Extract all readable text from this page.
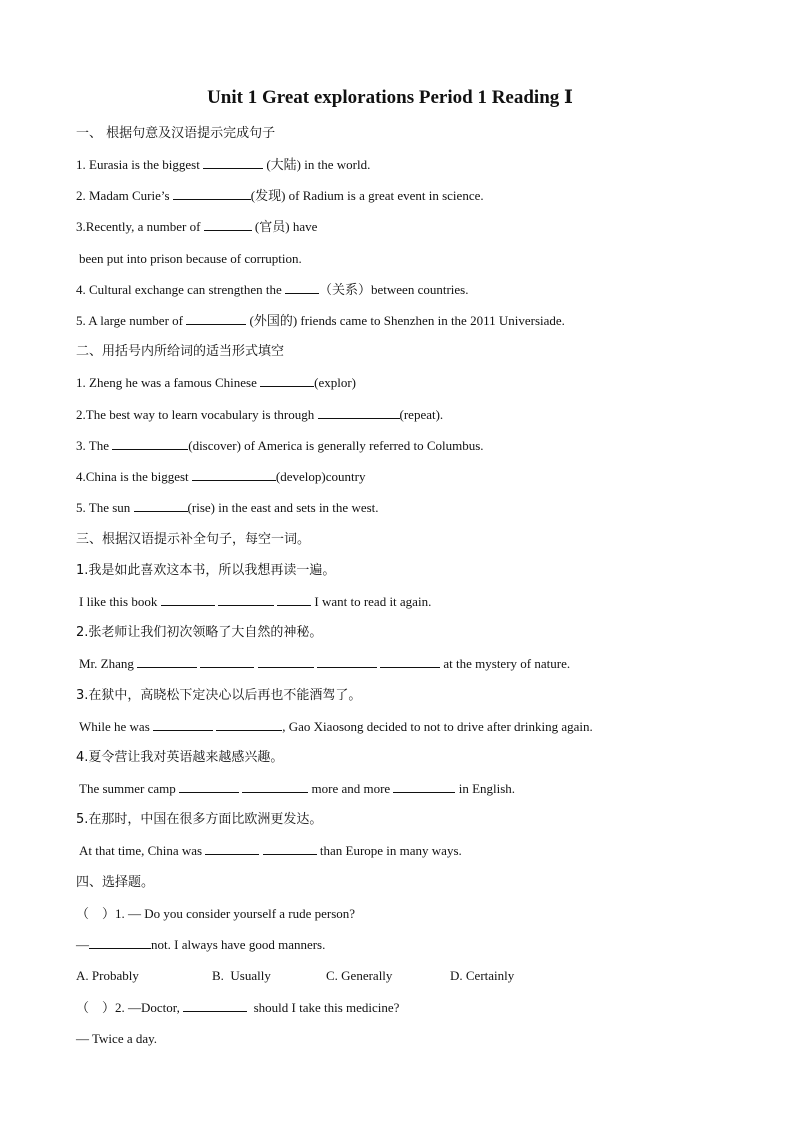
Unit 1 Great explorations Period 1 Reading Ⅰ
一、 根据句意及汉语提示完成句子
1. Eurasia is the biggest	(大陆) in the world.
2. Madam Curie’s	(发现) of Radium is a great event in science.
3.Recently, a number of	(官员) have
been put into prison because of corruption.
4. Cultural exchange can strengthen the	（关系）between countries.
5. A large number of	(外国的) friends came to Shenzhen in the 2011 Universiade.
二、用括号内所给词的适当形式填空
1. Zheng he was a famous Chinese	(explor)
2.The best way to learn vocabulary is through	(repeat).
3. The	(discover) of America is generally referred to Columbus.
4.China is the biggest	(develop)country
5. The sun	(rise) in the east and sets in the west.
三、根据汉语提示补全句子，每空一词。
1.我是如此喜欢这本书，所以我想再读一遍。
I like this book	I want to read it again.
2.张老师让我们初次领略了大自然的神秘。
Mr. Zhang	at the mystery of nature.
3.在狱中，高晓松下定决心以后再也不能酒驾了。
While he was	, Gao Xiaosong decided to not to drive after drinking again.
4.夏令营让我对英语越来越感兴趣。
The summer camp	more and more	in English.
5.在那时，中国在很多方面比欧洲更发达。
At that time, China was	than Europe in many ways.
四、选择题。
（    ）1. — Do you consider yourself a rude person?
—	not. I always have good manners.
A. Probably	B.  Usually	C. Generally	D. Certainly
（    ）2. —Doctor,	should I take this medicine?
— Twice a day.
